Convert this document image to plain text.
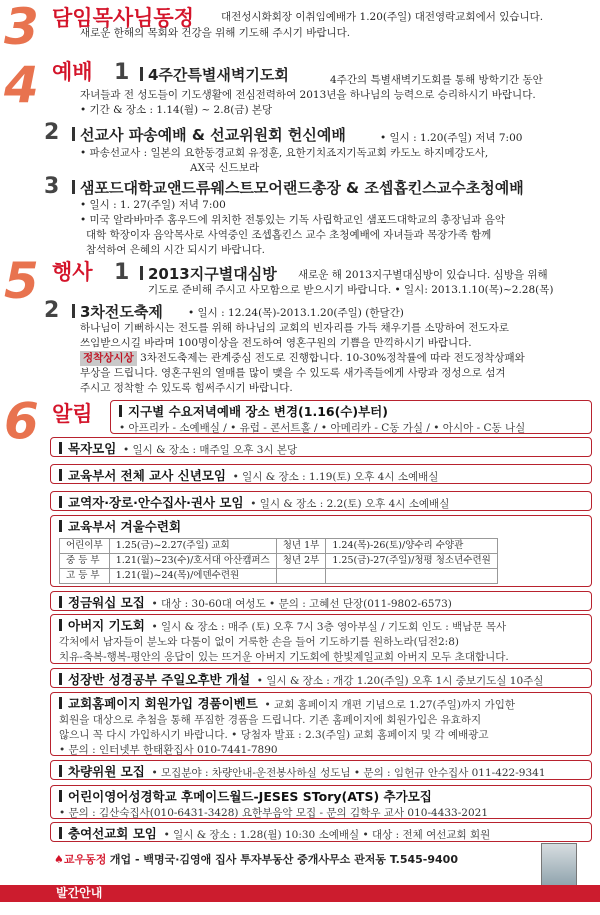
3 담임목사님동정	대전성시화회장 이취임예배가 1.20(주일) 대전영락교회에서 있습니다.
새로운 한해의 목회와 건강을 위해 기도해 주시기 바랍니다.
4 예배 1	4주간특별새벽기도회	4주간의 특별새벽기도회를 통해 방학기간 동안
자녀들과 전 성도들이 기도생활에 전심전력하여 2013년을 하나님의 능력으로 승리하시기 바랍니다.
• 기간 & 장소 : 1.14(월) ~ 2.8(금) 본당
2	선교사 파송예배 & 선교위원회 헌신예배	• 일시 : 1.20(주일) 저녁 7:00
• 파송선교사 : 일본의 요한동경교회 유정훈, 요한기치죠지기독교회 카도노 하지메강도사,
AX국 신드보라
3	샘포드대학교앤드류웨스트모어랜드총장 & 조셉홉킨스교수초청예배
• 일시 : 1. 27(주일) 저녁 7:00
• 미국 알라바마주 홈우드에 위치한 전통있는 기독 사립학교인 샘포드대학교의 총장님과 음악
대학 학장이자 음악목사로 사역중인 조셉홉킨스 교수 초청예배에 자녀들과 목장가족 함께
참석하여 은혜의 시간 되시기 바랍니다.
5 행사 1	2013지구별대심방 새로운 해 2013지구별대심방이 있습니다. 심방을 위해
기도로 준비해 주시고 사모함으로 받으시기 바랍니다. • 일시: 2013.1.10(목)~2.28(목)
2	3차전도축제 • 일시 : 12.24(목)-2013.1.20(주일) (한달간)
하나님이 기뻐하시는 전도를 위해 하나님의 교회의 빈자리를 가득 채우기를 소망하여 전도자로
쓰임받으시길 바라며 100명이상을 전도하여 영혼구원의 기쁨을 만끽하시기 바랍니다.
정착상시상 3차전도축제는 관계중심 전도로 진행합니다. 10-30%정착률에 따라 전도정착상패와
부상을 드립니다. 영혼구원의 열매를 많이 맺을 수 있도록 새가족들에게 사랑과 정성으로 섬겨
주시고 정착할 수 있도록 힘써주시기 바랍니다.
6 알림	지구별 수요저녁예배 장소 변경(1.16(수)부터)
• 아프리카 - 소예배실 / • 유럽 - 콘서트홀 / • 아메리카 - C동 가실 / • 아시아 - C동 나실
목자모임 • 일시 & 장소 : 매주일 오후 3시 본당
교육부서 전체 교사 신년모임 • 일시 & 장소 : 1.19(토) 오후 4시 소예배실
교역자·장로·안수집사·권사 모임 • 일시 & 장소 : 2.2(토) 오후 4시 소예배실
교육부서 겨울수련회
어린이부	1.25(금)~2.27(주일) 교회	청년 1부	1.24(목)-26(토)/양수리 수양관
중 등 부	1.21(월)~23(수)/호서대 아산캠퍼스	청년 2부	1.25(금)-27(주일)/청평 청소년수련원
고 등 부	1.21(월)~24(목)/에덴수련원		
정금워십 모집 • 대상 : 30-60대 여성도 • 문의 : 고혜선 단장(011-9802-6573)
아버지 기도회 • 일시 & 장소 : 매주 (토) 오후 7시 3층 영아부실 / 기도회 인도 : 백남문 목사
각처에서 남자들이 분노와 다툼이 없이 거룩한 손을 들어 기도하기를 원하노라(딤전2:8)
치유-축복-행복-평안의 응답이 있는 뜨거운 아버지 기도회에 한빛제일교회 아버지 모두 초대합니다.
성장반 성경공부 주일오후반 개설 • 일시 & 장소 : 개강 1.20(주일) 오후 1시 중보기도실 10주실
교회홈페이지 회원가입 경품이벤트 • 교회 홈페이지 개편 기념으로 1.27(주일)까지 가입한
회원을 대상으로 추첨을 통해 푸짐한 경품을 드립니다. 기존 홈페이지에 회원가입은 유효하지
않으니 꼭 다시 가입하시기 바랍니다. • 당첨자 발표 : 2.3(주일) 교회 홈페이지 및 각 예배광고
• 문의 : 인터넷부 한태환집사 010-7441-7890
차량위원 모집 • 모집분야 : 차량안내-운전봉사하실 성도님 • 문의 : 임헌규 안수집사 011-422-9341
어린이영어성경학교 후메이드월드-JESES STory(ATS) 추가모집
• 문의 : 김산숙집사(010-6431-3428) 요한부음악 모집 - 문의 김학우 교사 010-4433-2021
충여선교회 모임 • 일시 & 장소 : 1.28(월) 10:30 소예배실 • 대상 : 전체 여선교회 회원
♠교우동정 개업 - 백명국·김영애 집사 투자부동산 중개사무소 관저동 T.545-9400
발간안내
